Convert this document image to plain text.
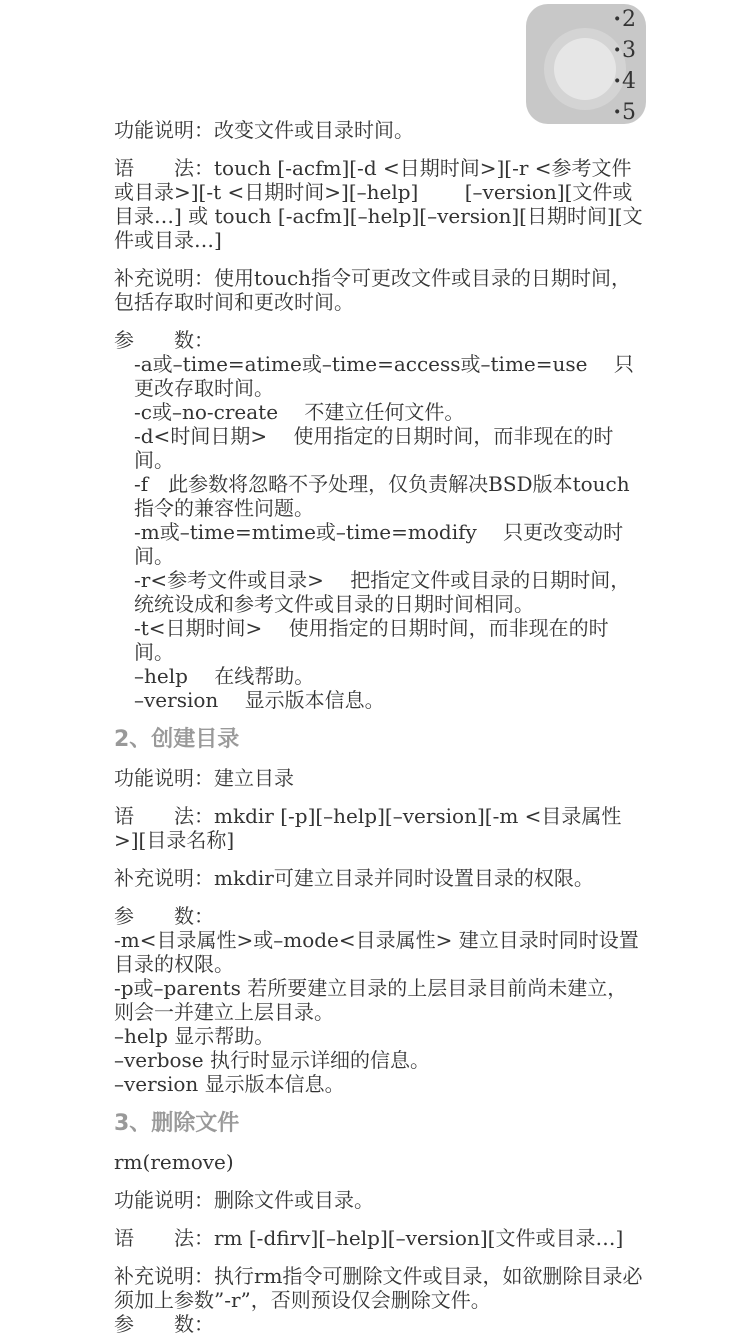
· 2
· 3
· 4
· 5

功能说明：改变文件或目录时间。

语　　法：touch [-acfm][-d <日期时间>][-r <参考文件或目录>][-t <日期时间>][–help]　　 [–version][文件或目录…] 或 touch [-acfm][–help][–version][日期时间][文件或目录…]

补充说明：使用touch指令可更改文件或目录的日期时间，包括存取时间和更改时间。

参　　数：

-a或–time=atime或–time=access或–time=use　 只更改存取时间。

-c或–no-create　 不建立任何文件。

-d<时间日期>　 使用指定的日期时间，而非现在的时间。

-f　此参数将忽略不予处理，仅负责解决BSD版本touch指令的兼容性问题。

-m或–time=mtime或–time=modify　 只更改变动时间。

-r<参考文件或目录>　 把指定文件或目录的日期时间，统统设成和参考文件或目录的日期时间相同。

-t<日期时间>　 使用指定的日期时间，而非现在的时间。

–help　 在线帮助。

–version　 显示版本信息。

2、创建目录

功能说明：建立目录

语　　法：mkdir [-p][–help][–version][-m <目录属性>][目录名称]

补充说明：mkdir可建立目录并同时设置目录的权限。

参　　数：

-m<目录属性>或–mode<目录属性> 建立目录时同时设置目录的权限。

-p或–parents 若所要建立目录的上层目录目前尚未建立，则会一并建立上层目录。

–help 显示帮助。

–verbose 执行时显示详细的信息。

–version 显示版本信息。

3、删除文件

rm(remove)

功能说明：删除文件或目录。

语　　法：rm [-dfirv][–help][–version][文件或目录…]

补充说明：执行rm指令可删除文件或目录，如欲删除目录必须加上参数”-r”，否则预设仅会删除文件。

参　　数：
